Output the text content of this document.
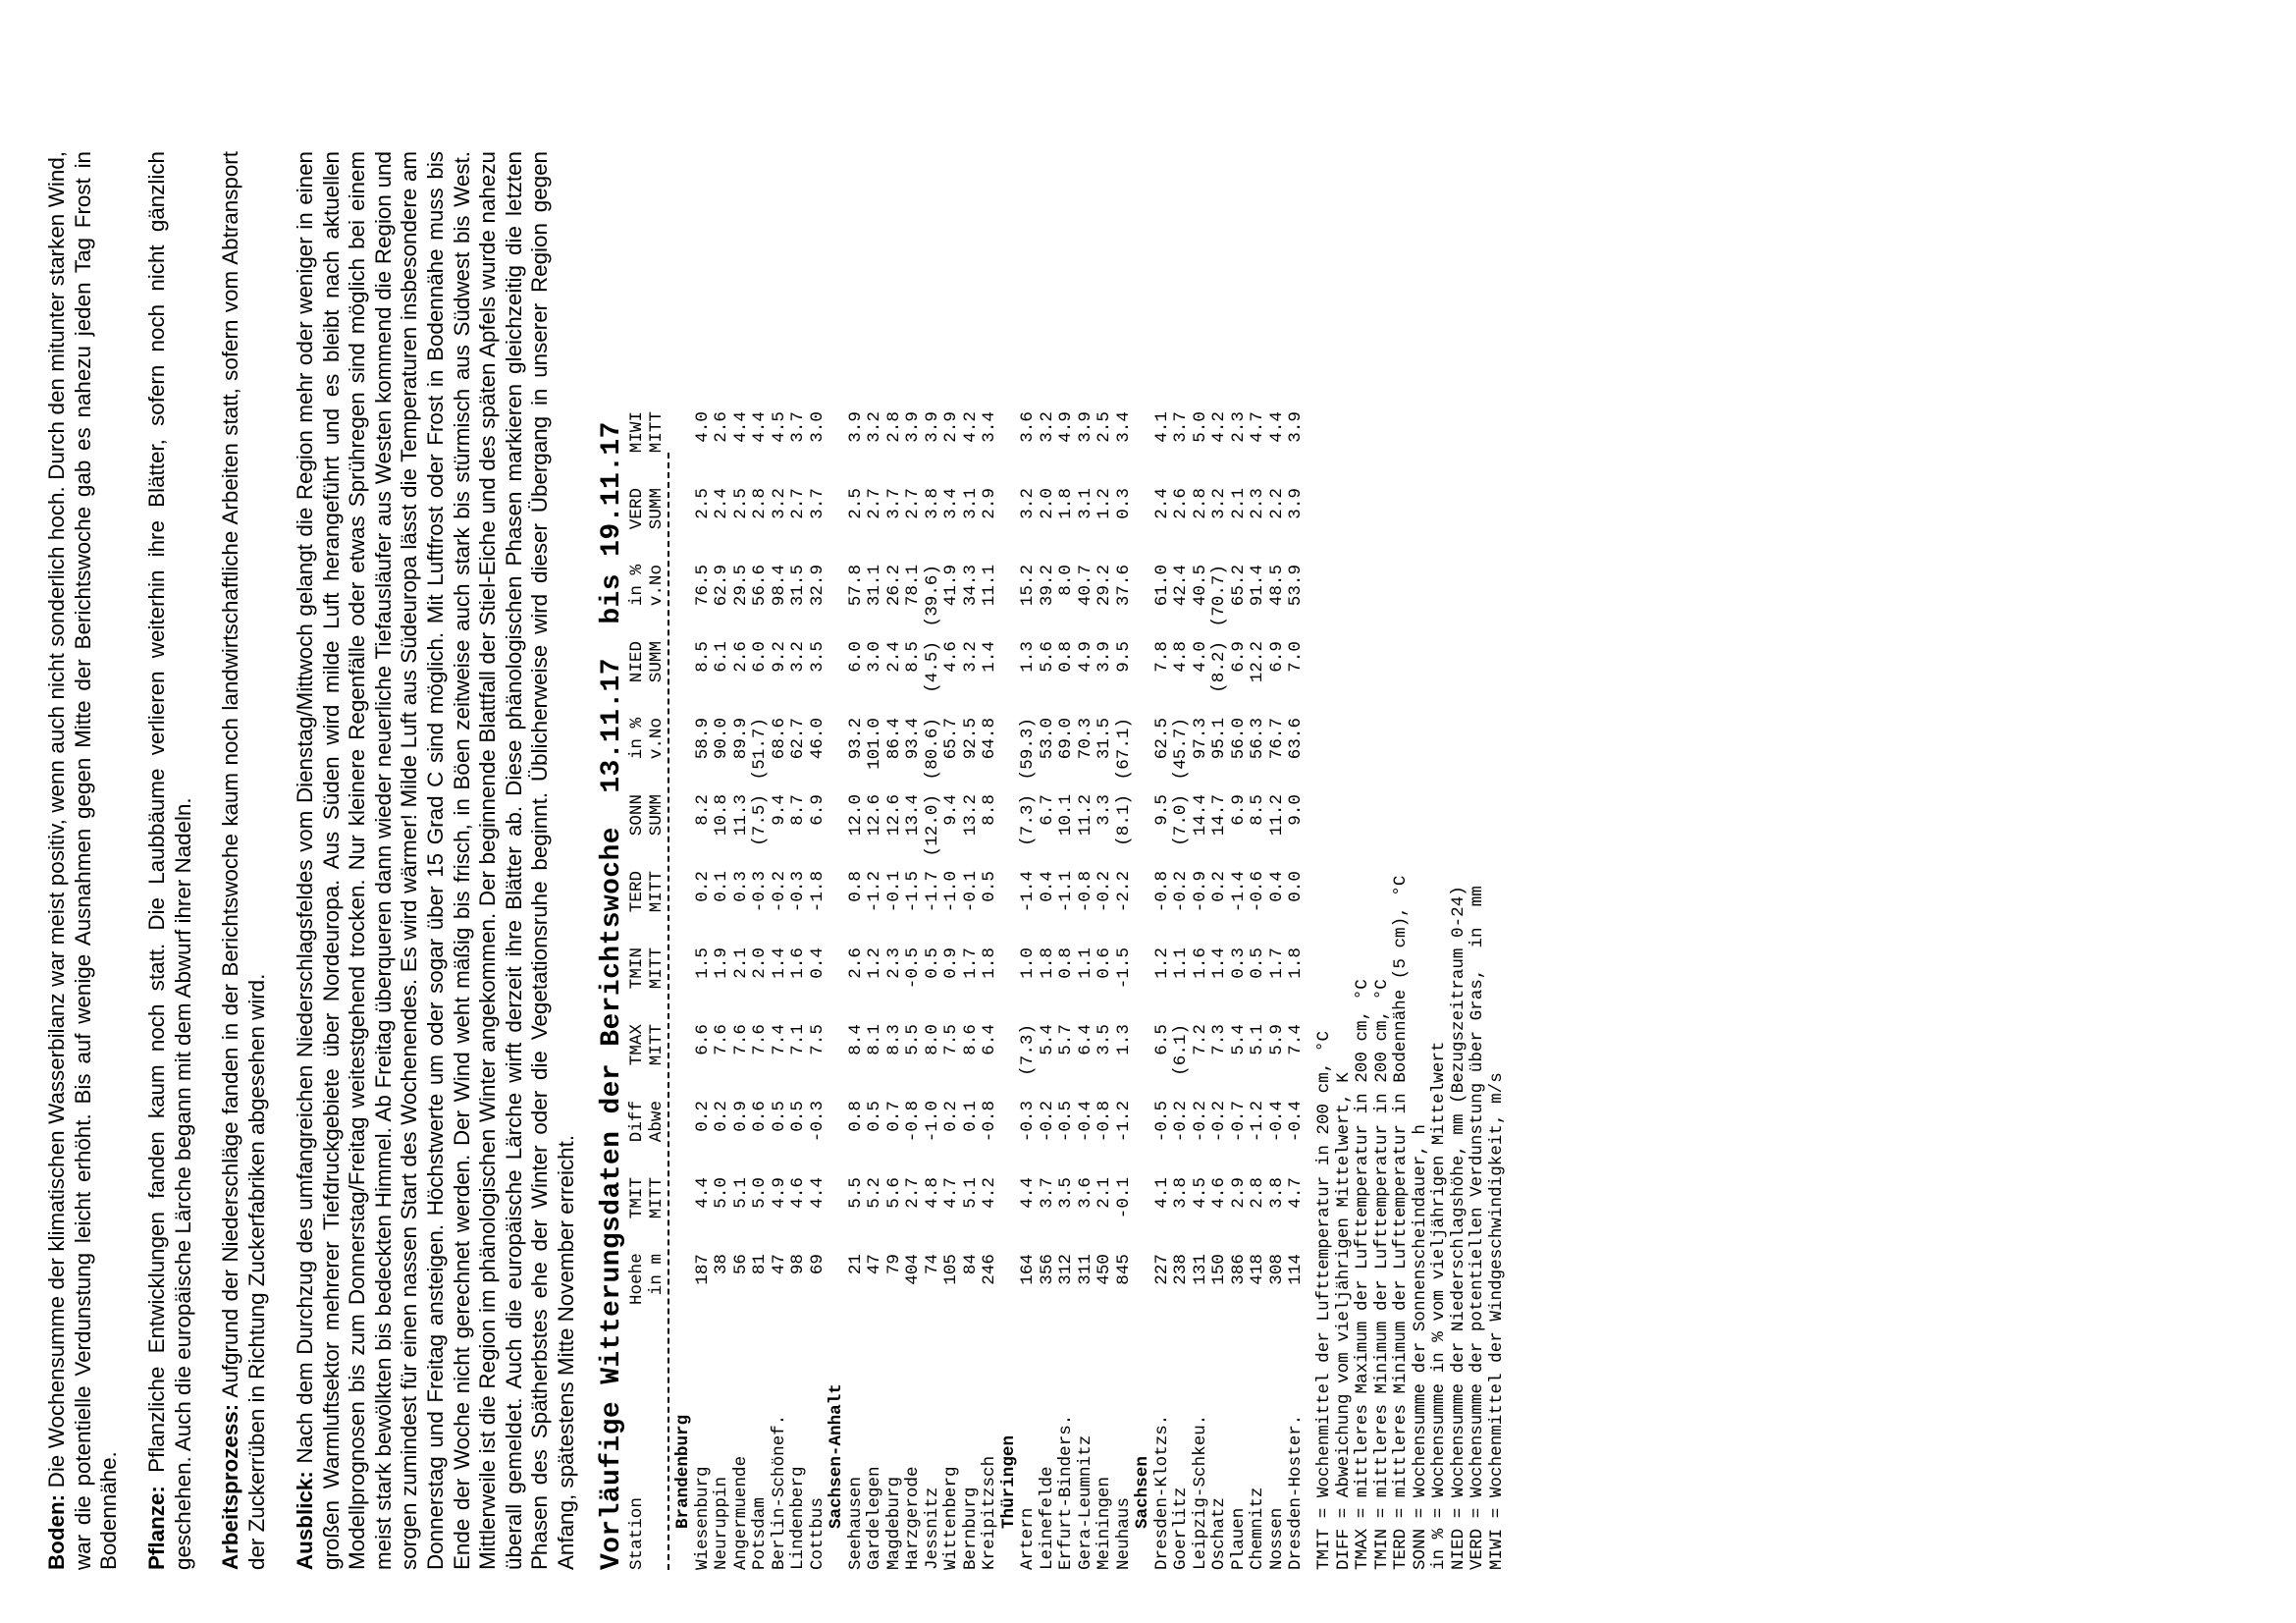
Boden: Die Wochensumme der klimatischen Wasserbilanz war meist positiv, wenn auch nicht sonderlich hoch. Durch den mitunter starken Wind, war die potentielle Verdunstung leicht erhöht. Bis auf wenige Ausnahmen gegen Mitte der Berichtswoche gab es nahezu jeden Tag Frost in Bodennähe. Pflanze: Pflanzliche Entwicklungen fanden kaum noch statt. Die Laubbäume verlieren weiterhin ihre Blätter, sofern noch nicht gänzlich geschehen. Auch die europäische Lärche begann mit dem Abwurf ihrer Nadeln. Arbeitsprozess: Aufgrund der Niederschläge fanden in der Berichtswoche kaum noch landwirtschaftliche Arbeiten statt, sofern vom Abtransport der Zuckerrüben in Richtung Zuckerfabriken abgesehen wird. Ausblick: Nach dem Durchzug des umfangreichen Niederschlagsfeldes vom Dienstag/Mittwoch gelangt die Region mehr oder weniger in einen großen Warmluftsektor mehrerer Tiefdruckgebiete über Nordeuropa. Aus Süden wird milde Luft herangeführt und es bleibt nach aktuellen Modellprognosen bis zum Donnerstag/Freitag weitestgehend trocken. Nur kleinere Regenfälle oder etwas Sprühregen sind möglich bei einem meist stark bewölkten bis bedeckten Himmel. Ab Freitag überqueren dann wieder neuerliche Tiefausläufer aus Westen kommend die Region und sorgen zumindest für einen nassen Start des Wochenendes. Es wird wärmer! Milde Luft aus Südeuropa lässt die Temperaturen insbesondere am Donnerstag und Freitag ansteigen. Höchstwerte um oder sogar über 15 Grad C sind möglich. Mit Luftfrost oder Frost in Bodennähe muss bis Ende der Woche nicht gerechnet werden. Der Wind weht mäßig bis frisch, in Böen zeitweise auch stark bis stürmisch aus Südwest bis West. Mittlerweile ist die Region im phänologischen Winter angekommen. Der beginnende Blattfall der Stiel-Eiche und des späten Apfels wurde nahezu überall gemeldet. Auch die europäische Lärche wirft derzeit ihre Blätter ab. Diese phänologischen Phasen markieren gleichzeitig die letzten Phasen des Spätherbstes ehe der Winter oder die Vegetationsruhe beginnt. Üblicherweise wird dieser Übergang in unserer Region gegen Anfang, spätestens Mitte November erreicht. Vorläufige Witterungsdaten der Berichtswoche  13.11.17  bis 19.11.17 Station
Hoehe
TMIT
Diff
TMAX
TMIN
TERD
SONN
in %
NIED
in %
VERD
MIWI
in m
MITT
Abwe
MITT
MITT
MITT
SUMM
v.No
SUMM
v.No
SUMM
MITT
Brandenburg Wiesenburg
187
4.4
0.2
6.6
1.5
0.2
8.2
58.9
8.5
76.5
2.5
4.0
Neuruppin
38
5.0
0.2
7.6
1.9
0.1
10.8
90.0
6.1
62.9
2.4
2.6
Angermuende
56
5.1
0.9
7.6
2.1
0.3
11.3
89.9
2.6
29.5
2.5
4.4
Potsdam
81
5.0
0.6
7.6
2.0
-0.3
(7.5)
(51.7)
6.0
56.6
2.8
4.4
Berlin-Schönef.
47
4.9
0.5
7.4
1.4
-0.2
9.4
68.6
9.2
98.4
3.2
4.5
Lindenberg
98
4.6
0.5
7.1
1.6
-0.3
8.7
62.7
3.2
31.5
2.7
3.7
Cottbus
69
4.4
-0.3
7.5
0.4
-1.8
6.9
46.0
3.5
32.9
3.7
3.0
Sachsen-Anhalt Seehausen
21
5.5
0.8
8.4
2.6
0.8
12.0
93.2
6.0
57.8
2.5
3.9
Gardelegen
47
5.2
0.5
8.1
1.2
-1.2
12.6
101.0
3.0
31.1
2.7
3.2
Magdeburg
79
5.6
0.7
8.3
2.3
-0.1
12.6
86.4
2.4
26.2
3.7
2.8
Harzgerode
404
2.7
-0.8
5.5
-0.5
-1.5
13.4
93.4
8.5
78.1
2.7
3.9
Jessnitz
74
4.8
-1.0
8.0
0.5
-1.7
(12.0)
(80.6)
(4.5)
(39.6)
3.8
3.9
Wittenberg
105
4.7
0.2
7.5
0.9
-1.0
9.4
65.7
4.6
41.9
3.4
2.9
Bernburg
84
5.1
0.1
8.6
1.7
-0.1
13.2
92.5
3.2
34.3
3.1
4.2
Kreipitzsch
246
4.2
-0.8
6.4
1.8
0.5
8.8
64.8
1.4
11.1
2.9
3.4
Thüringen
Artern
164
4.4
-0.3
(7.3)
1.0
-1.4
(7.3)
(59.3)
1.3
15.2
3.2
3.6
Leinefelde
356
3.7
-0.2
5.4
1.8
0.4
6.7
53.0
5.6
39.2
2.0
3.2
Erfurt-Binders.
312
3.5
-0.5
5.7
0.8
-1.1
10.1
69.0
0.8
8.0
1.8
4.9
Gera-Leumnitz
311
3.6
-0.4
6.4
1.1
-0.8
11.2
70.3
4.9
40.7
3.1
3.9
Meiningen
450
2.1
-0.8
3.5
0.6
-0.2
3.3
31.5
3.9
29.2
1.2
2.5
Neuhaus
845
-0.1
-1.2
1.3
-1.5
-2.2
(8.1)
(67.1)
9.5
37.6
0.3
3.4
Sachsen Dresden-Klotzs.
227
4.1
-0.5
6.5
1.2
-0.8
9.5
62.5
7.8
61.0
2.4
4.1
Goerlitz
238
3.8
-0.2
(6.1)
1.1
-0.2
(7.0)
(45.7)
4.8
42.4
2.6
3.7
Leipzig-Schkeu.
131
4.5
-0.2
7.2
1.6
-0.9
14.4
97.3
4.0
40.5
2.8
5.0
Oschatz
150
4.6
-0.2
7.3
1.4
0.2
14.7
95.1
(8.2)
(70.7)
3.2
4.2
Plauen
386
2.9
-0.7
5.4
0.3
-1.4
6.9
56.0
6.9
65.2
2.1
2.3
Chemnitz
418
2.8
-1.2
5.1
0.5
-0.6
8.5
56.3
12.2
91.4
2.3
4.7
Nossen
308
3.8
-0.4
5.9
1.7
0.4
11.2
76.7
6.9
48.5
2.2
4.4
Dresden-Hoster.
114
4.7
-0.4
7.4
1.8
0.0
9.0
63.6
7.0
53.9
3.9
3.9
TMIT = Wochenmittel der Lufttemperatur in 200 cm, °C DIFF = Abweichung vom vieljährigen Mittelwert, K TMAX = mittleres Maximum der Lufttemperatur in 200 cm, °C TMIN = mittleres Minimum der Lufttemperatur in 200 cm, °C TERD = mittleres Minimum der Lufttemperatur in Bodennähe (5 cm), °C SONN = Wochensumme der Sonnenscheindauer, h in % = Wochensumme in % vom vieljährigen Mittelwert NIED = Wochensumme der Niederschlagshöhe, mm (Bezugszeitraum 0-24) VERD = Wochensumme der potentiellen Verdunstung über Gras,  in  mm MIWI = Wochenmittel der Windgeschwindigkeit, m/s
